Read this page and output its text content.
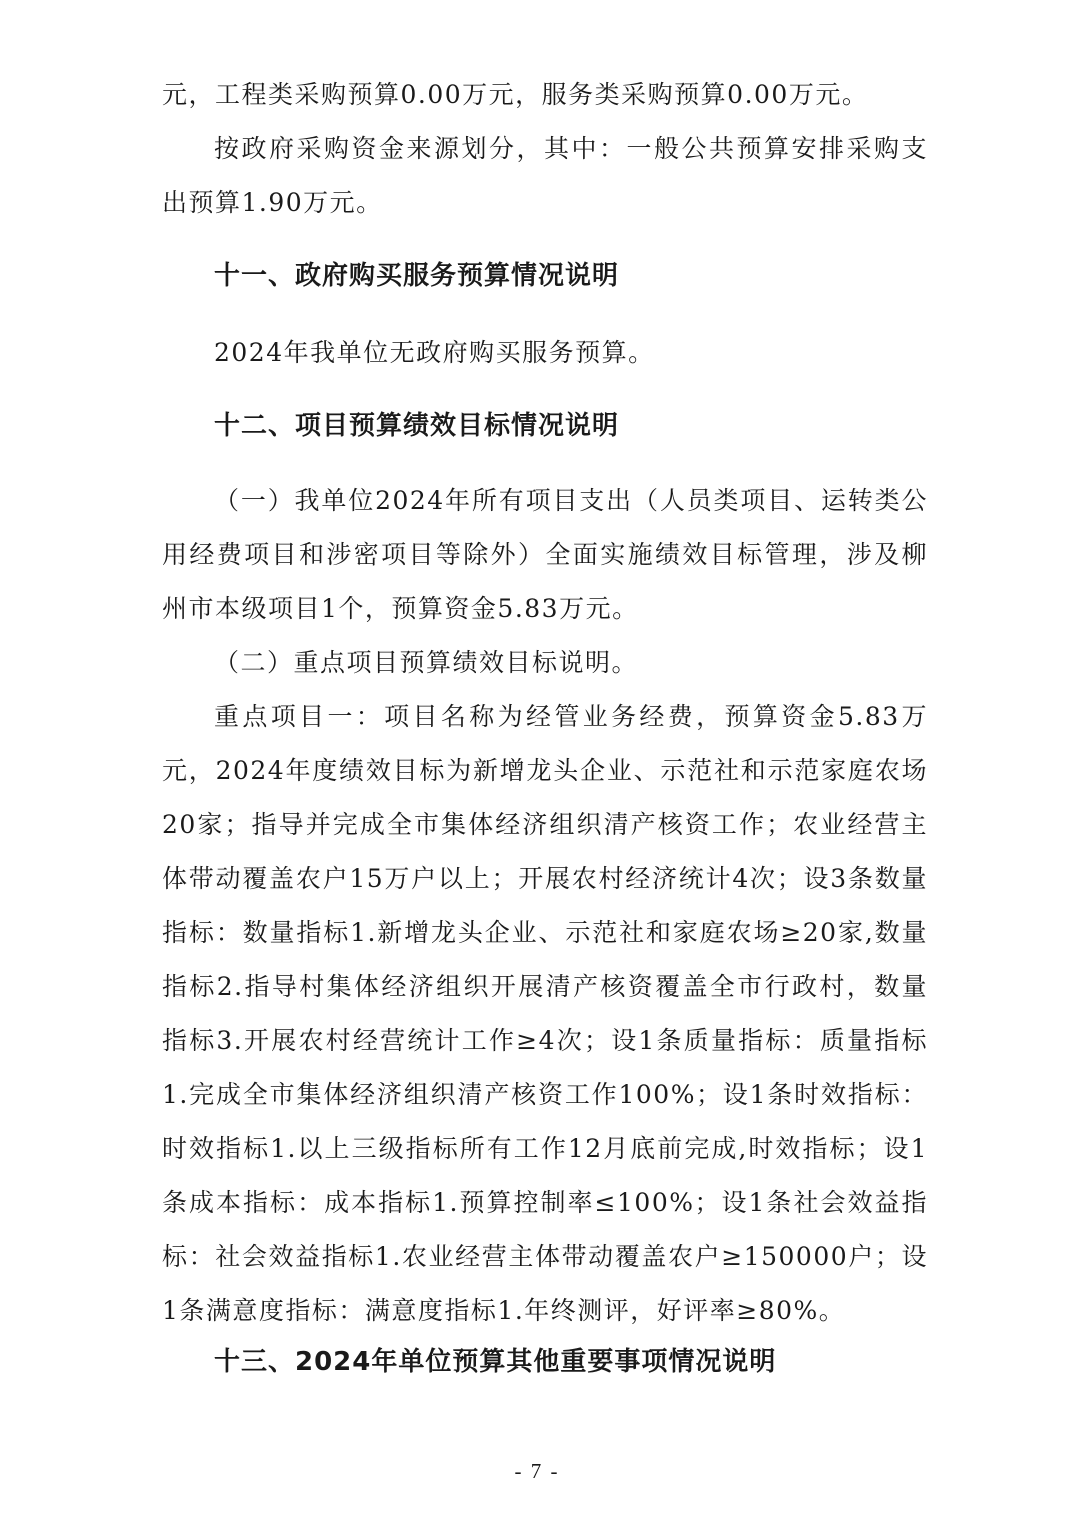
元，工程类采购预算0.00万元，服务类采购预算0.00万元。

按政府采购资金来源划分，其中：一般公共预算安排采购支出预算1.90万元。

十一、政府购买服务预算情况说明

2024年我单位无政府购买服务预算。

十二、项目预算绩效目标情况说明

（一）我单位2024年所有项目支出（人员类项目、运转类公用经费项目和涉密项目等除外）全面实施绩效目标管理，涉及柳州市本级项目1个，预算资金5.83万元。

（二）重点项目预算绩效目标说明。

重点项目一：项目名称为经管业务经费，预算资金5.83万元，2024年度绩效目标为新增龙头企业、示范社和示范家庭农场20家；指导并完成全市集体经济组织清产核资工作；农业经营主体带动覆盖农户15万户以上；开展农村经济统计4次；设3条数量指标：数量指标1.新增龙头企业、示范社和家庭农场≥20家,数量指标2.指导村集体经济组织开展清产核资覆盖全市行政村，数量指标3.开展农村经营统计工作≥4次；设1条质量指标：质量指标1.完成全市集体经济组织清产核资工作100%；设1条时效指标：时效指标1.以上三级指标所有工作12月底前完成,时效指标；设1条成本指标：成本指标1.预算控制率≤100%；设1条社会效益指标：社会效益指标1.农业经营主体带动覆盖农户≥150000户；设1条满意度指标：满意度指标1.年终测评，好评率≥80%。

十三、2024年单位预算其他重要事项情况说明
- 7 -
